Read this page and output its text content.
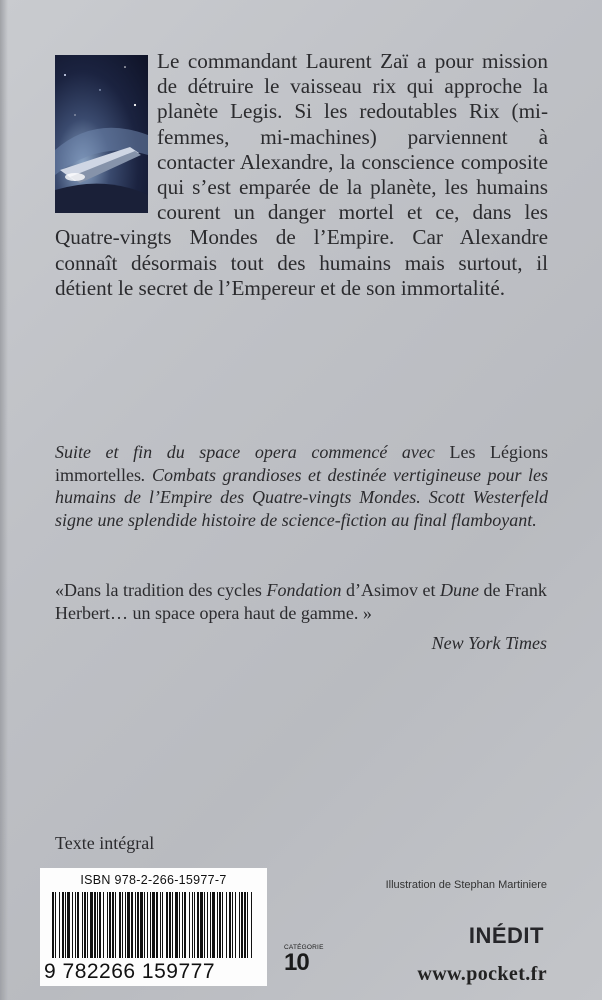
Le commandant Laurent Zaï a pour mission de détruire le vaisseau rix qui approche la planète Legis. Si les redoutables Rix (mi-femmes, mi-machines) parviennent à contacter Alexandre, la conscience composite qui s’est emparée de la planète, les humains courent un danger mortel et ce, dans les Quatre-vingts Mondes de l’Empire. Car Alexandre connaît désormais tout des humains mais surtout, il détient le secret de l’Empereur et de son immortalité.

Suite et fin du space opera commencé avec Les Légions immortelles. Combats grandioses et destinée vertigineuse pour les humains de l’Empire des Quatre-vingts Mondes. Scott Westerfeld signe une splendide histoire de science-fiction au final flamboyant.

«Dans la tradition des cycles Fondation d’Asimov et Dune de Frank Herbert… un space opera haut de gamme. »

New York Times

Texte intégral

ISBN 978-2-266-15977-7
9 782266 159777

Illustration de Stephan Martiniere

CATÉGORIE
10

INÉDIT

www.pocket.fr
